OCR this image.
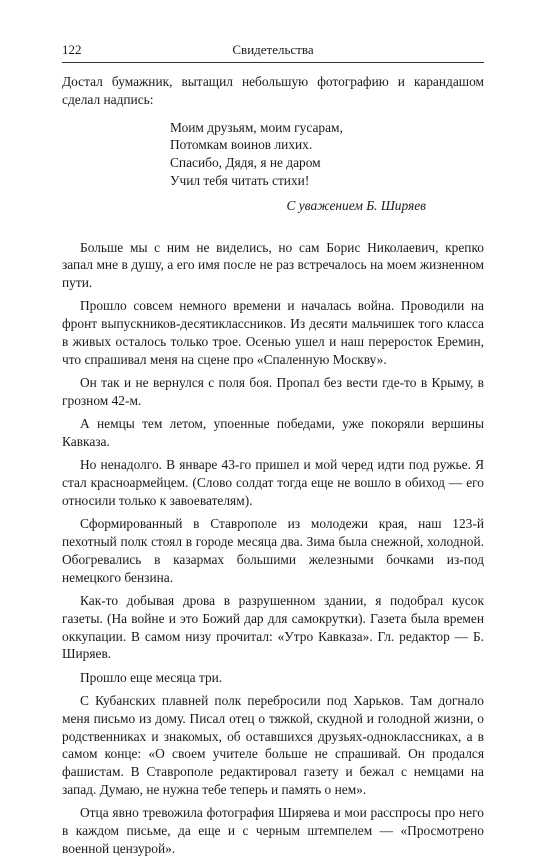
122	Свидетельства

Достал бумажник, вытащил небольшую фотографию и карандашом сделал надпись:

Моим друзьям, моим гусарам,
Потомкам воинов лихих.
Спасибо, Дядя, я не даром
Учил тебя читать стихи!
С уважением Б. Ширяев

Больше мы с ним не виделись, но сам Борис Николаевич, крепко запал мне в душу, а его имя после не раз встречалось на моем жизненном пути.

Прошло совсем немного времени и началась война. Проводили на фронт выпускников-десятиклассников. Из десяти мальчишек того класса в живых осталось только трое. Осенью ушел и наш переросток Еремин, что спрашивал меня на сцене про «Спаленную Москву».

Он так и не вернулся с поля боя. Пропал без вести где-то в Крыму, в грозном 42-м.

А немцы тем летом, упоенные победами, уже покоряли вершины Кавказа.

Но ненадолго. В январе 43-го пришел и мой черед идти под ружье. Я стал красноармейцем. (Слово солдат тогда еще не вошло в обиход — его относили только к завоевателям).

Сформированный в Ставрополе из молодежи края, наш 123-й пехотный полк стоял в городе месяца два. Зима была снежной, холодной. Обогревались в казармах большими железными бочками из-под немецкого бензина.

Как-то добывая дрова в разрушенном здании, я подобрал кусок газеты. (На войне и это Божий дар для самокрутки). Газета была времен оккупации. В самом низу прочитал: «Утро Кавказа». Гл. редактор — Б. Ширяев.

Прошло еще месяца три.

С Кубанских плавней полк перебросили под Харьков. Там догнало меня письмо из дому. Писал отец о тяжкой, скудной и голодной жизни, о родственниках и знакомых, об оставшихся друзьях-одноклассниках, а в самом конце: «О своем учителе больше не спрашивай. Он продался фашистам. В Ставрополе редактировал газету и бежал с немцами на запад. Думаю, не нужна тебе теперь и память о нем».

Отца явно тревожила фотография Ширяева и мои расспросы про него в каждом письме, да еще и с черным штемпелем — «Просмотрено военной цензурой».
